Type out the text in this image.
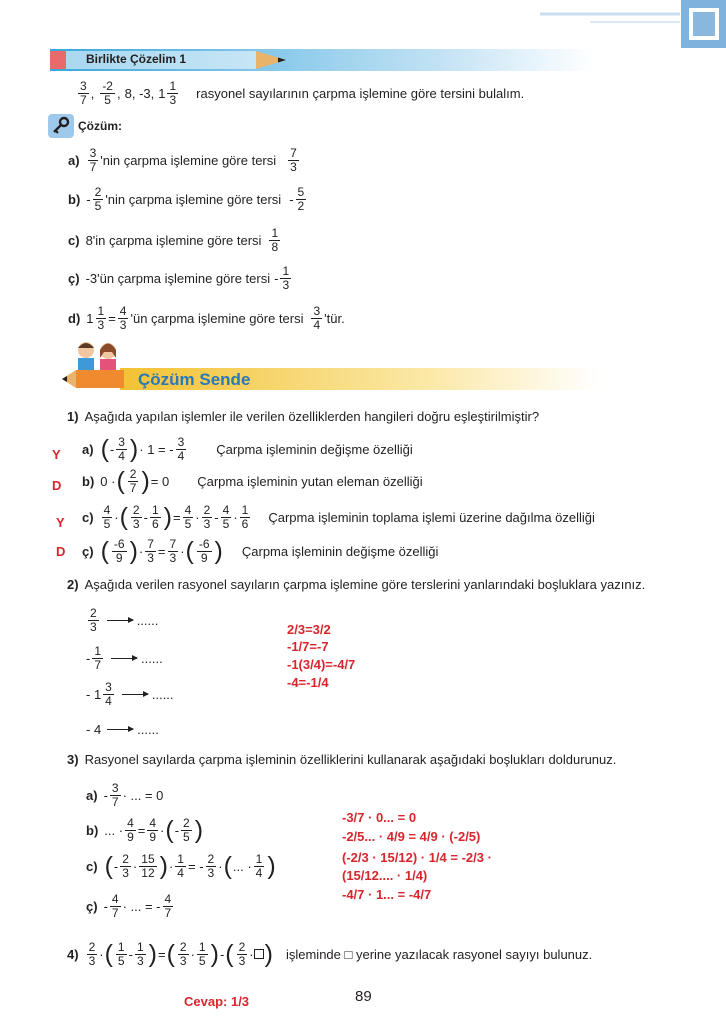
Birlikte Çözelim 1
3
7 , -2
5 , 8, -3, 1 1
3 rasyonel sayılarının çarpma işlemine göre tersini bulalım.
Çözüm:
a) 3
7 'nin çarpma işlemine göre tersi 7
3
b) - 2
5 'nin çarpma işlemine göre tersi - 5
2
c) 8'in çarpma işlemine göre tersi 1
8
ç) -3'ün çarpma işlemine göre tersi - 1
3
d) $1 \frac{1}{3} = \frac{4}{3}$ 'ün çarpma işlemine göre tersi 3
4 'tür.
Çözüm Sende
1) Aşağıda yapılan işlemler ile verilen özelliklerden hangileri doğru eşleştirilmiştir?
Y a) ( - 3
4 ) · 1 = - 3
4 Çarpma işleminin değişme özelliği
D b) 0 · ( 2
7 ) = 0 Çarpma işleminin yutan eleman özelliği
Y c) 4
5 · ( 2
3 - 1
6 ) = 4
5 · 2
3 - 4
5 · 1
6 Çarpma işleminin toplama işlemi üzerine dağılma özelliği
D ç) ( -6
9 ) · 7
3 = 7
3 · ( -6
9 ) Çarpma işleminin değişme özelliği
2) Aşağıda verilen rasyonel sayıların çarpma işlemine göre terslerini yanlarındaki boşluklara yazınız.
2
3	......
- 1
7	......
- 1 3
4	......
- 4	......
2/3=3/2
-1/7=-7
-1(3/4)=-4/7
-4=-1/4
3) Rasyonel sayılarda çarpma işleminin özelliklerini kullanarak aşağıdaki boşlukları doldurunuz.
a) - 3
7 · ... = 0
b) ... · 4
9 = 4
9 · ( - 2
5 )
c) ( - 2
3 · 15
12 ) · 1
4 = - 2
3 · ( ... · 1
4 )
ç) - 4
7 · ... = - 4
7
-3/7 · 0... = 0
-2/5... · 4/9 = 4/9 · (-2/5)
(-2/3 · 15/12) · 1/4 = -2/3 ·
(15/12.... · 1/4)
-4/7 · 1... = -4/7
4) 2
3 · ( 1
5 - 1
3 ) = ( 2
3 · 1
5 ) - ( 2
3 · ) işleminde □ yerine yazılacak rasyonel sayıyı bulunuz.
Cevap: 1/3	89
